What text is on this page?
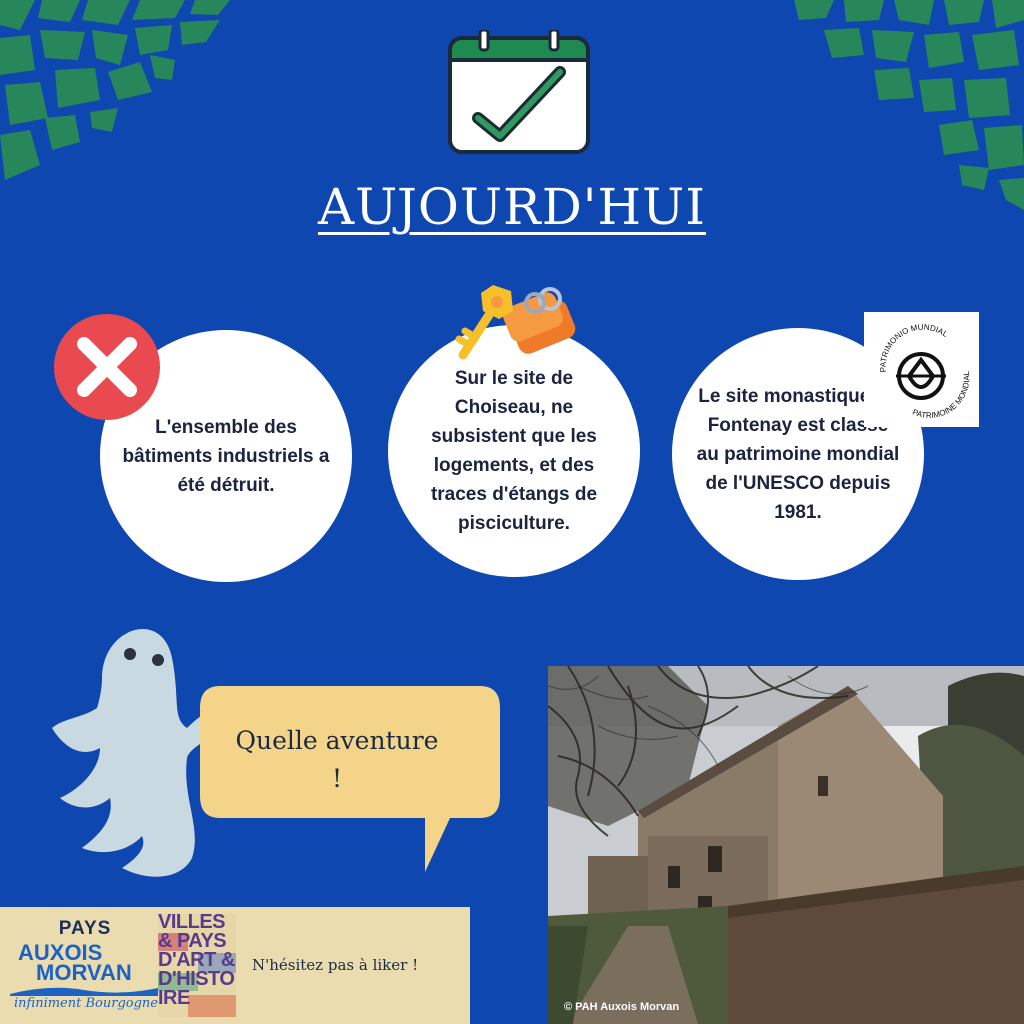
AUJOURD'HUI
L'ensemble des bâtiments industriels a été détruit.
Sur le site de Choiseau, ne subsistent que les logements, et des traces d'étangs de pisciculture.
Le site monastique de Fontenay est classé au patrimoine mondial de l'UNESCO depuis 1981.
PATRIMONIO MUNDIAL
PATRIMOINE MONDIAL
Quelle aventure !
© PAH Auxois Morvan
PAYS
AUXOIS
MORVAN
infiniment Bourgogne
VILLES
& PAYS
D'ART &
D'HISTO
IRE
N'hésitez pas à liker !
